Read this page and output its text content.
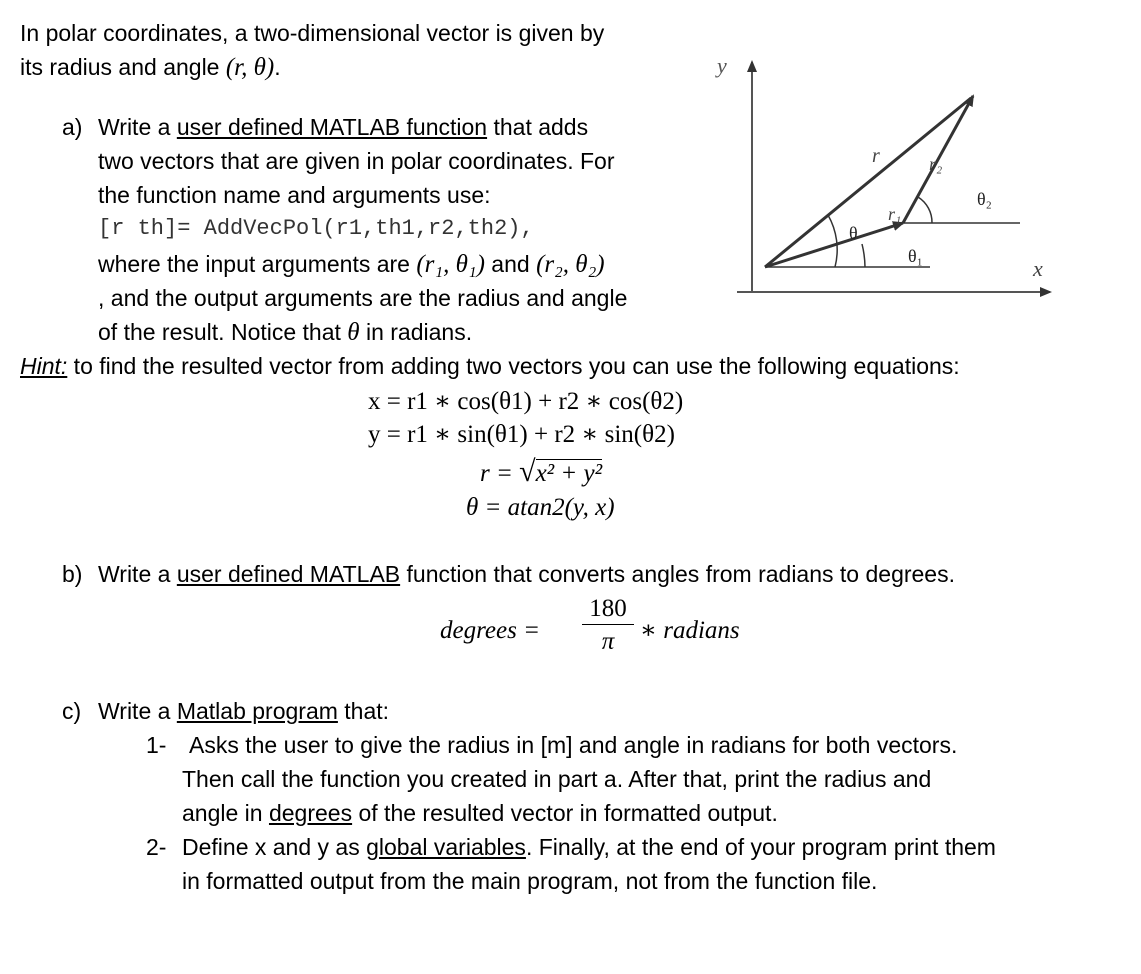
In polar coordinates, a two-dimensional vector is given by
its radius and angle (r, θ).
a) Write a user defined MATLAB function that adds
two vectors that are given in polar coordinates. For
the function name and arguments use:
[r th]= AddVecPol(r1,th1,r2,th2),
where the input arguments are (r₁, θ₁) and (r₂, θ₂)
, and the output arguments are the radius and angle
of the result. Notice that θ in radians.
y
x
r	r₂
θ₂
θ
r₁
θ₁
Hint: to find the resulted vector from adding two vectors you can use the following equations:
x = r1 ∗ cos(θ1) + r2 ∗ cos(θ2)
y = r1 ∗ sin(θ1) + r2 ∗ sin(θ2)
r = √x² + y²
θ = atan2(y, x)
b) Write a user defined MATLAB function that converts angles from radians to degrees.
degrees = $\frac{180}{\pi}$ ∗ radians
c) Write a Matlab program that:
1- Asks the user to give the radius in [m] and angle in radians for both vectors.
Then call the function you created in part a. After that, print the radius and
angle in degrees of the resulted vector in formatted output.
2- Define x and y as global variables. Finally, at the end of your program print them
in formatted output from the main program, not from the function file.
